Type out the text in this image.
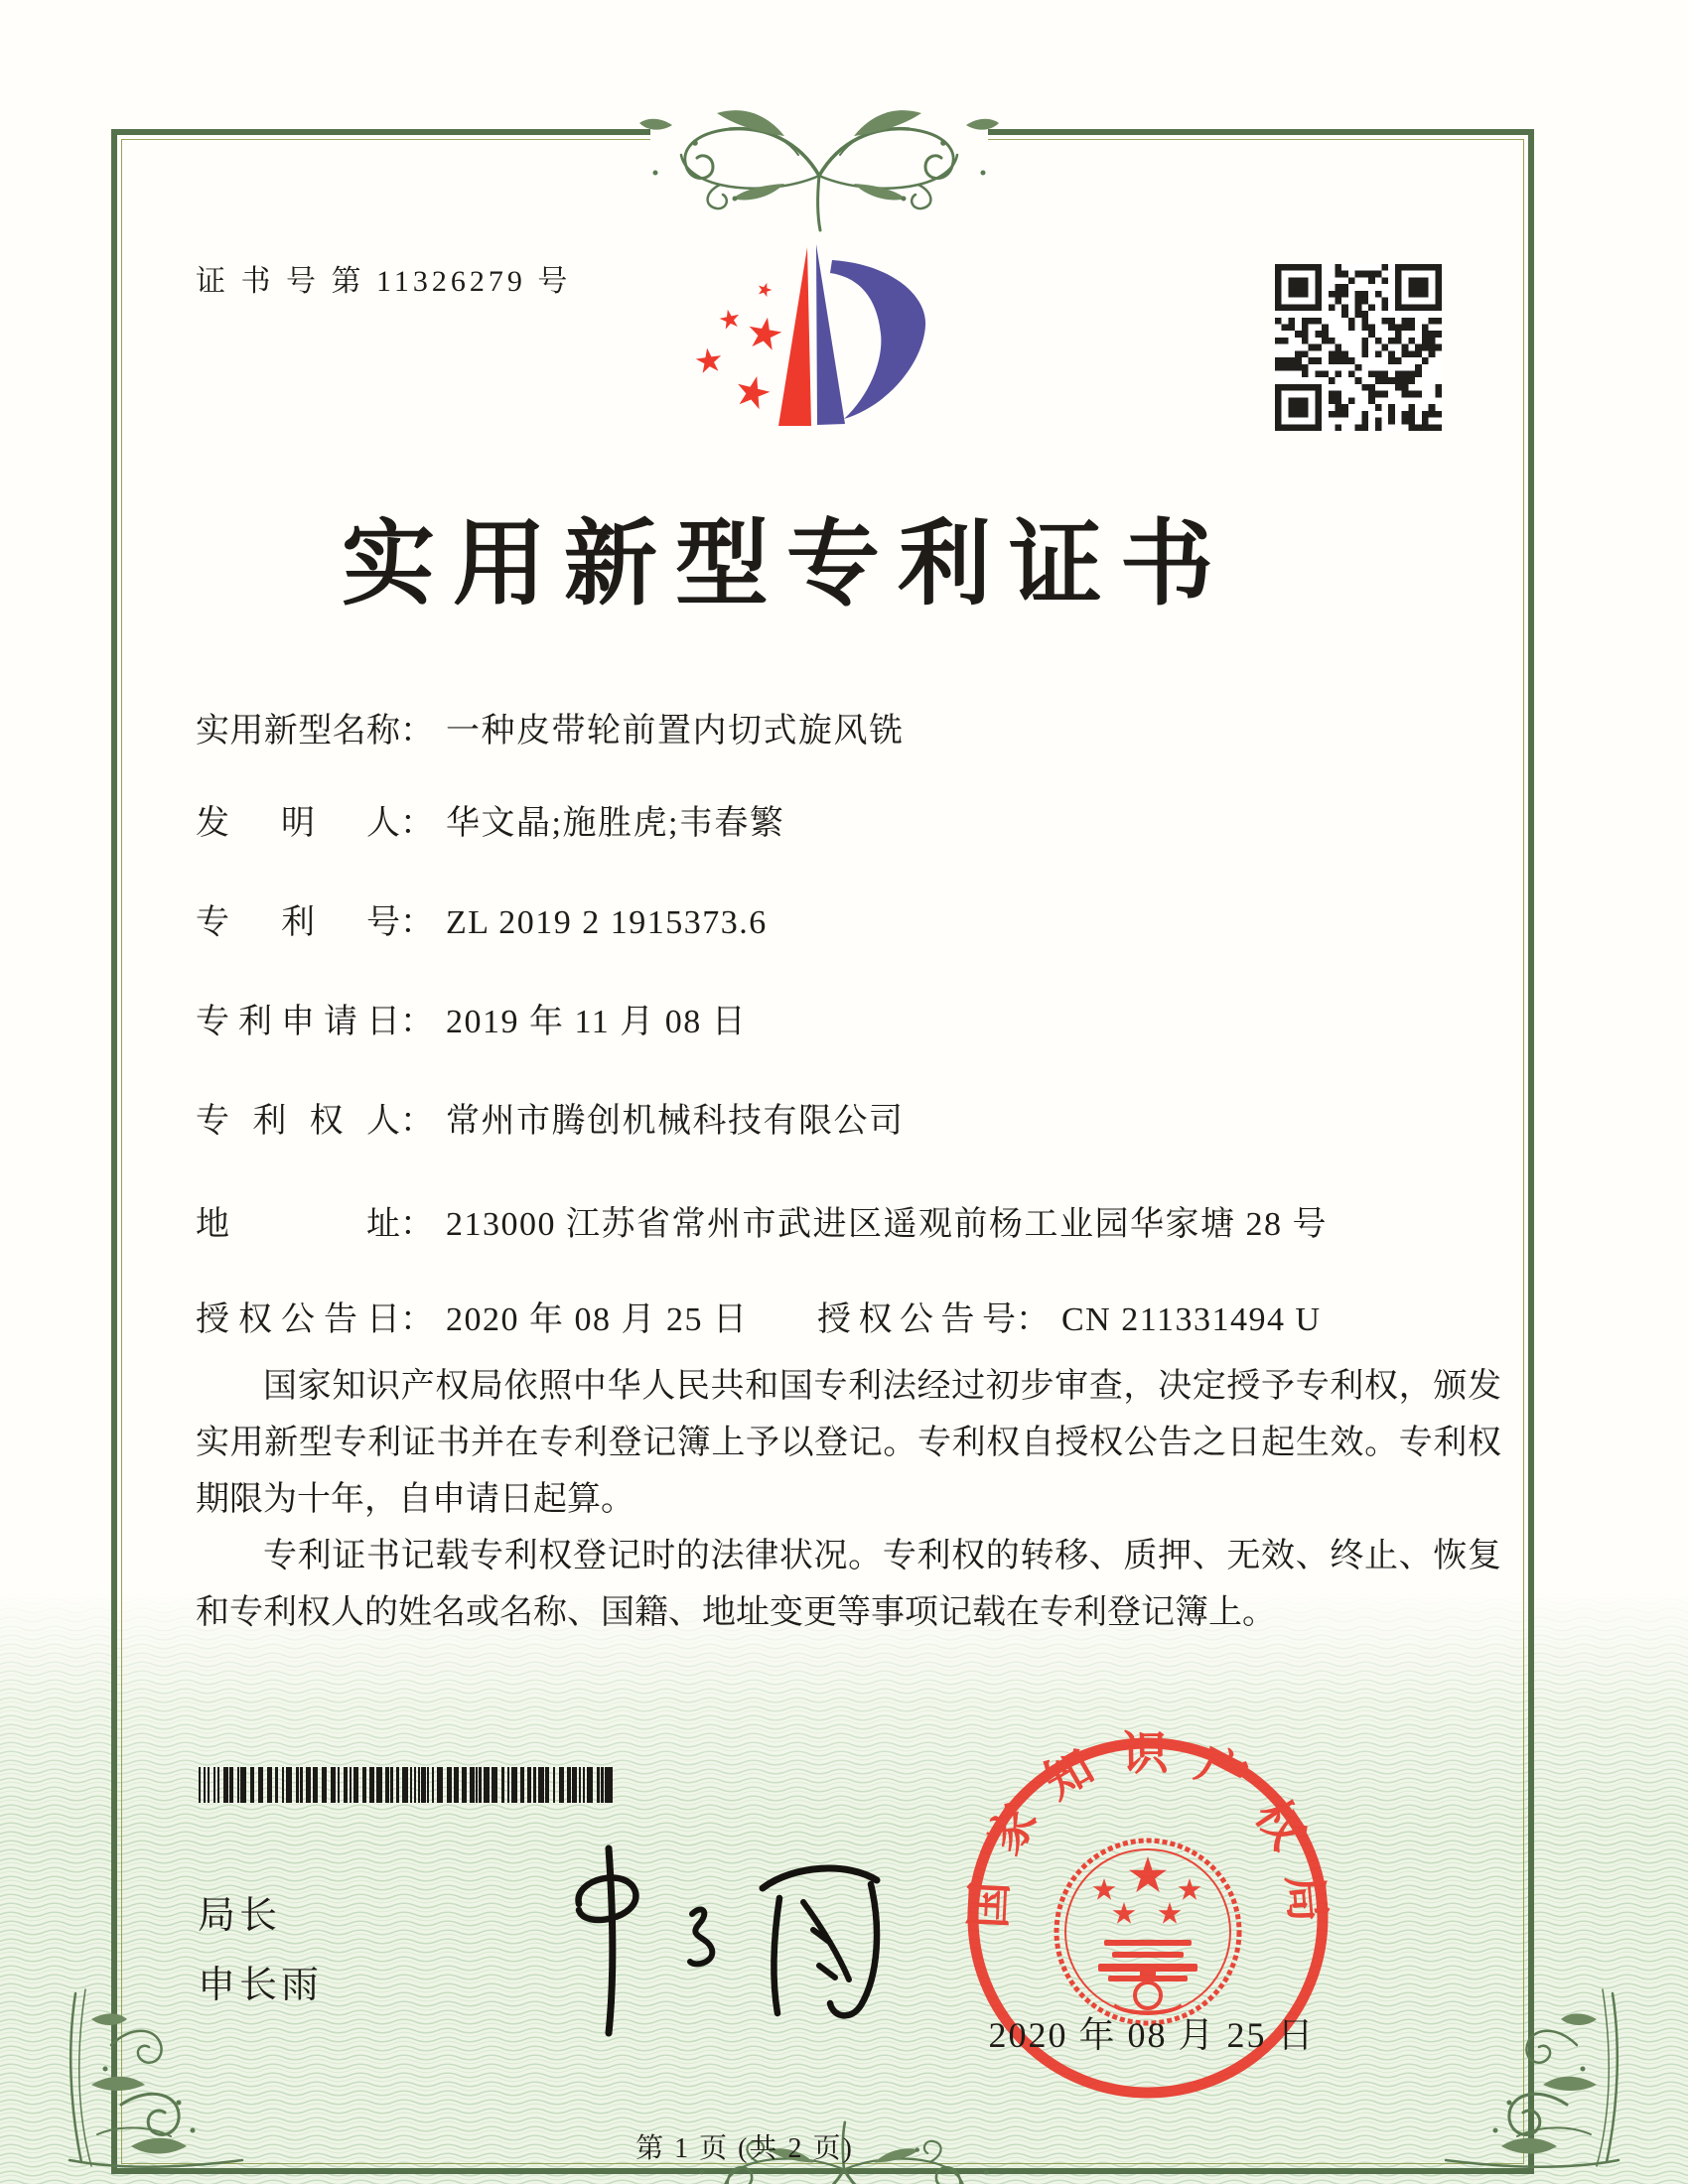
证 书 号 第 11326279 号
实用新型专利证书
实用新型名称： 一种皮带轮前置内切式旋风铣
发明人： 华文晶;施胜虎;韦春繁
专利号： ZL 2019 2 1915373.6
专利申请日： 2019 年 11 月 08 日
专利权人： 常州市腾创机械科技有限公司
地址： 213000 江苏省常州市武进区遥观前杨工业园华家塘 28 号
授权公告日： 2020 年 08 月 25 日 授权公告号： CN 211331494 U

国家知识产权局依照中华人民共和国专利法经过初步审查，决定授予专利权，颁发实用新型专利证书并在专利登记簿上予以登记。专利权自授权公告之日起生效。专利权期限为十年，自申请日起算。

专利证书记载专利权登记时的法律状况。专利权的转移、质押、无效、终止、恢复和专利权人的姓名或名称、国籍、地址变更等事项记载在专利登记簿上。

局长
申长雨
国家知识产权局
2020 年 08 月 25 日
第 1 页 (共 2 页)
